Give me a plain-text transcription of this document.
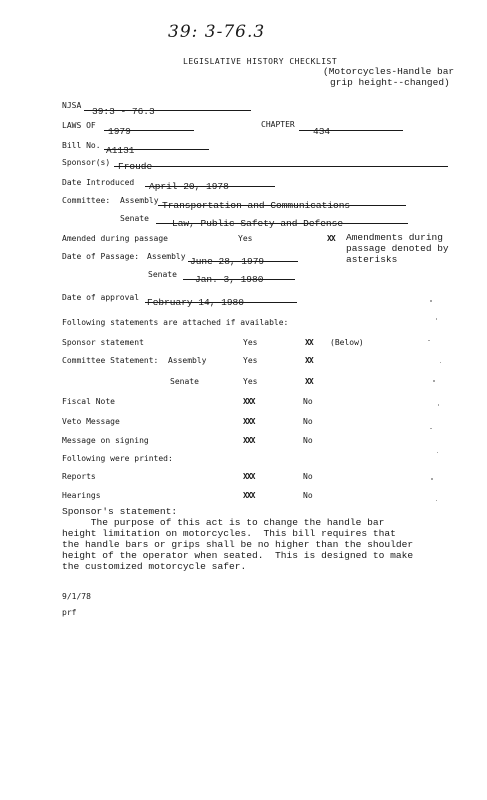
39: 3-76.3
LEGISLATIVE HISTORY CHECKLIST
(Motorcycles-Handle bar
grip height--changed)
NJSA
39:3 - 76.3
LAWS OF
1979
CHAPTER
434
Bill No. A1131
Sponsor(s) Froude
Date Introduced	April 20, 1978
Committee: Assembly Transportation and Communications
Senate	Law, Public Safety and Defense
Amended during passage	Yes	XX Amendments during
passage denoted by
asterisks
Date of Passage: Assembly June 28, 1979
Senate	Jan. 3, 1980
Date of approval February 14, 1980
Following statements are attached if available:
Sponsor statement	Yes	XX (Below)
Committee Statement:  Assembly	Yes	XX
Senate	Yes	XX
Fiscal Note	XXX	No
Veto Message	XXX	No
Message on signing	XXX	No
Following were printed:
Reports	XXX	No
Hearings	XXX	No
Sponsor's statement:
The purpose of this act is to change the handle bar
height limitation on motorcycles.  This bill requires that
the handle bars or grips shall be no higher than the shoulder
height of the operator when seated.  This is designed to make
the customized motorcycle safer.
9/1/78
prf
